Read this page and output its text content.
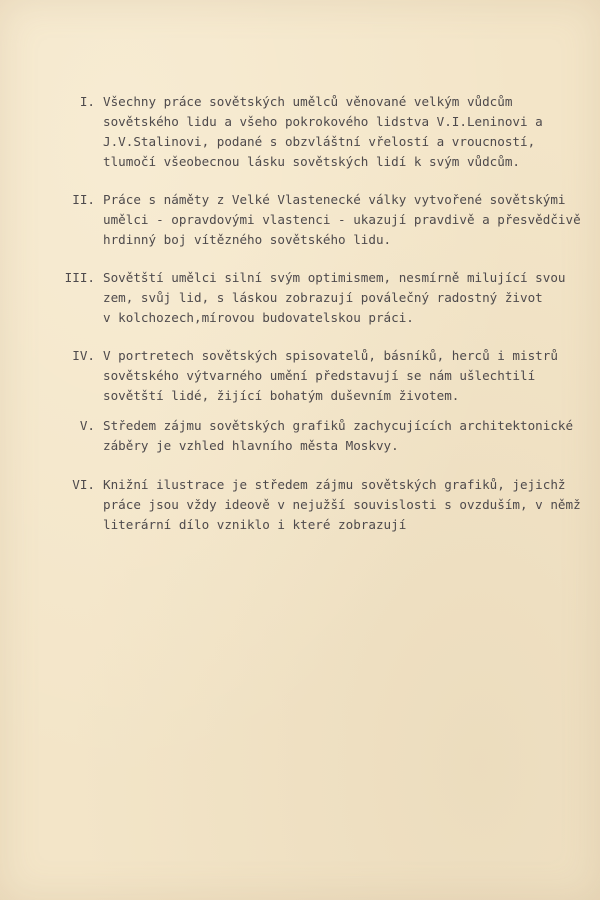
I. Všechny práce sovětských umělců věnované velkým vůdcům
sovětského lidu a všeho pokrokového lidstva V.I.Leninovi a
J.V.Stalinovi, podané s obzvláštní vřelostí a vroucností,
tlumočí všeobecnou lásku sovětských lidí k svým vůdcům.
II. Práce s náměty z Velké Vlastenecké války vytvořené sovětskými
umělci - opravdovými vlastenci - ukazují pravdivě a přesvědčivě
hrdinný boj vítězného sovětského lidu.
III. Sovětští umělci silní svým optimismem, nesmírně milující svou
zem, svůj lid, s láskou zobrazují poválečný radostný život
v kolchozech,mírovou budovatelskou práci.
IV. V portretech sovětských spisovatelů, básníků, herců i mistrů
sovětského výtvarného umění představují se nám ušlechtilí
sovětští lidé, žijící bohatým duševním životem.
V. Středem zájmu sovětských grafiků zachycujících architektonické
záběry je vzhled hlavního města Moskvy.
VI. Knižní ilustrace je středem zájmu sovětských grafiků, jejichž
práce jsou vždy ideově v nejužší souvislosti s ovzduším, v němž
literární dílo vzniklo i které zobrazují
